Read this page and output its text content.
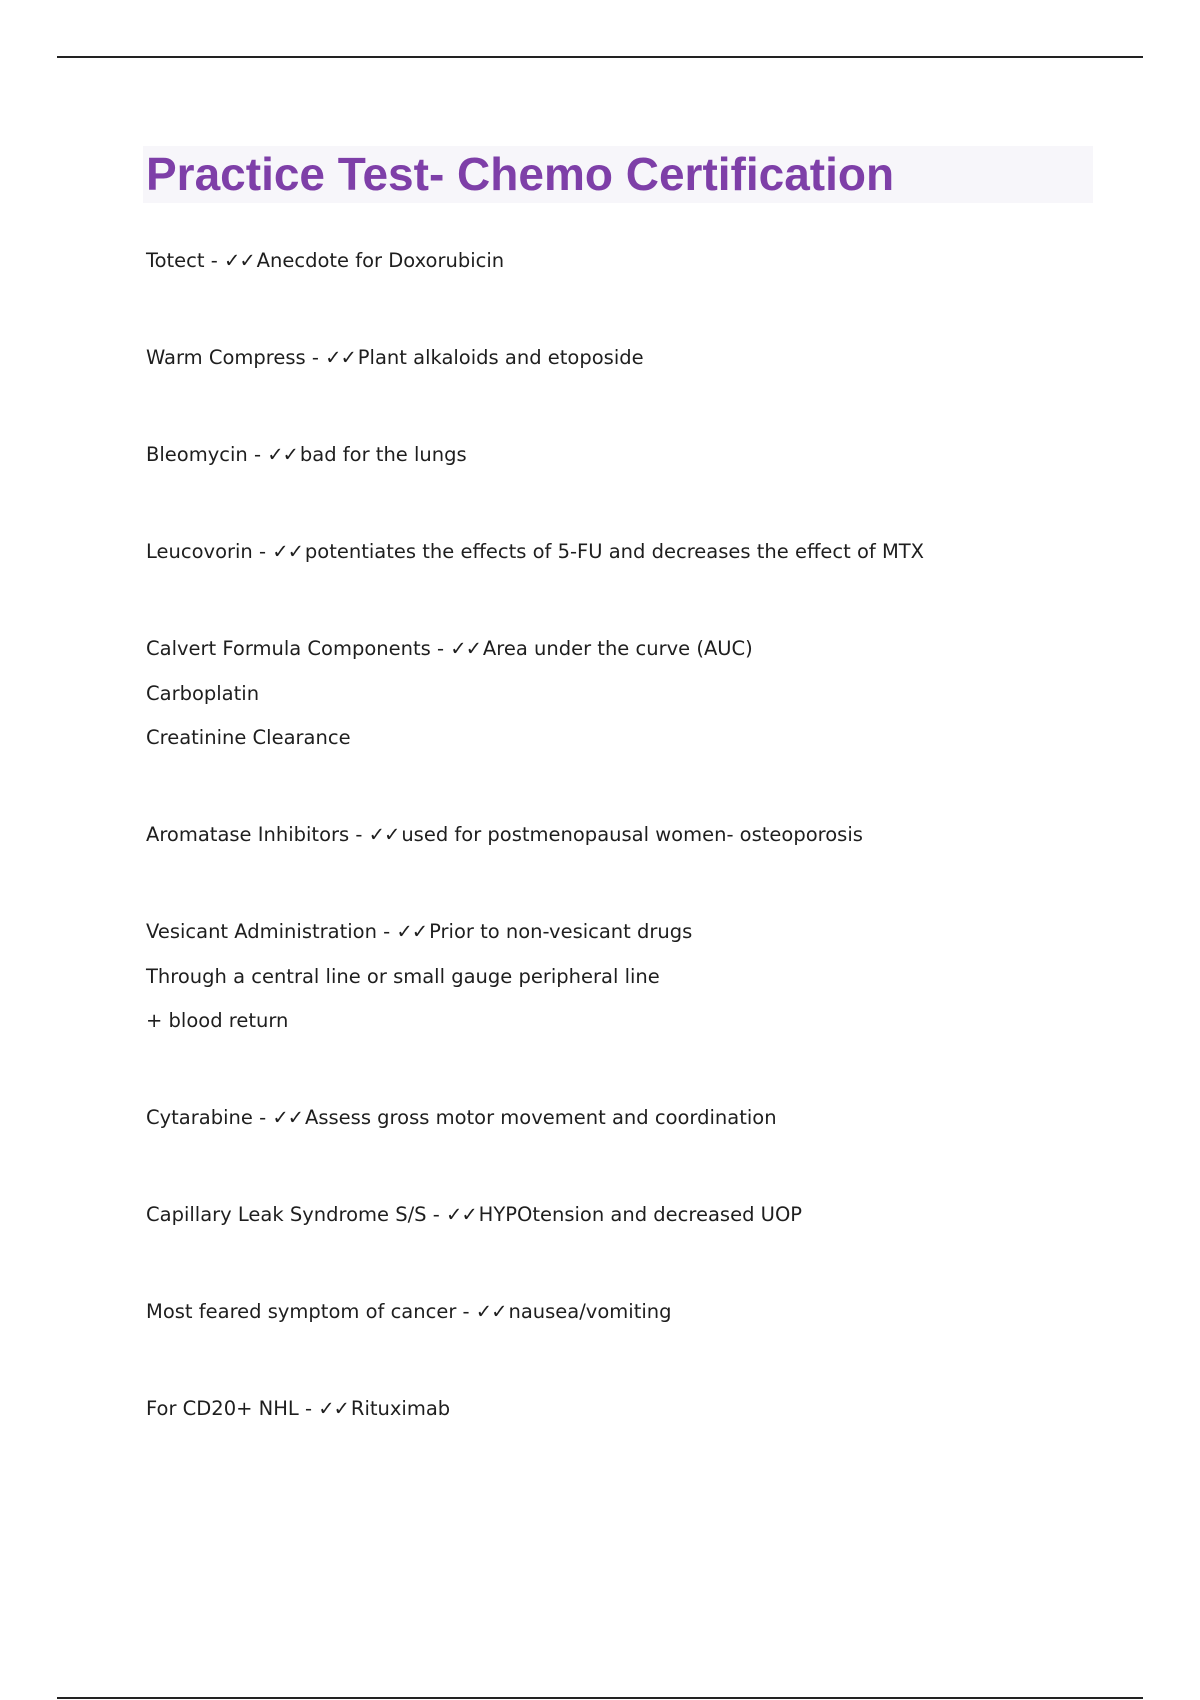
Practice Test- Chemo Certification
Totect - ✓✓ Anecdote for Doxorubicin
Warm Compress - ✓✓ Plant alkaloids and etoposide
Bleomycin - ✓✓ bad for the lungs
Leucovorin - ✓✓ potentiates the effects of 5-FU and decreases the effect of MTX
Calvert Formula Components - ✓✓ Area under the curve (AUC)
Carboplatin
Creatinine Clearance
Aromatase Inhibitors - ✓✓ used for postmenopausal women- osteoporosis
Vesicant Administration - ✓✓ Prior to non-vesicant drugs
Through a central line or small gauge peripheral line
+ blood return
Cytarabine - ✓✓ Assess gross motor movement and coordination
Capillary Leak Syndrome S/S - ✓✓ HYPOtension and decreased UOP
Most feared symptom of cancer - ✓✓ nausea/vomiting
For CD20+ NHL - ✓✓ Rituximab
